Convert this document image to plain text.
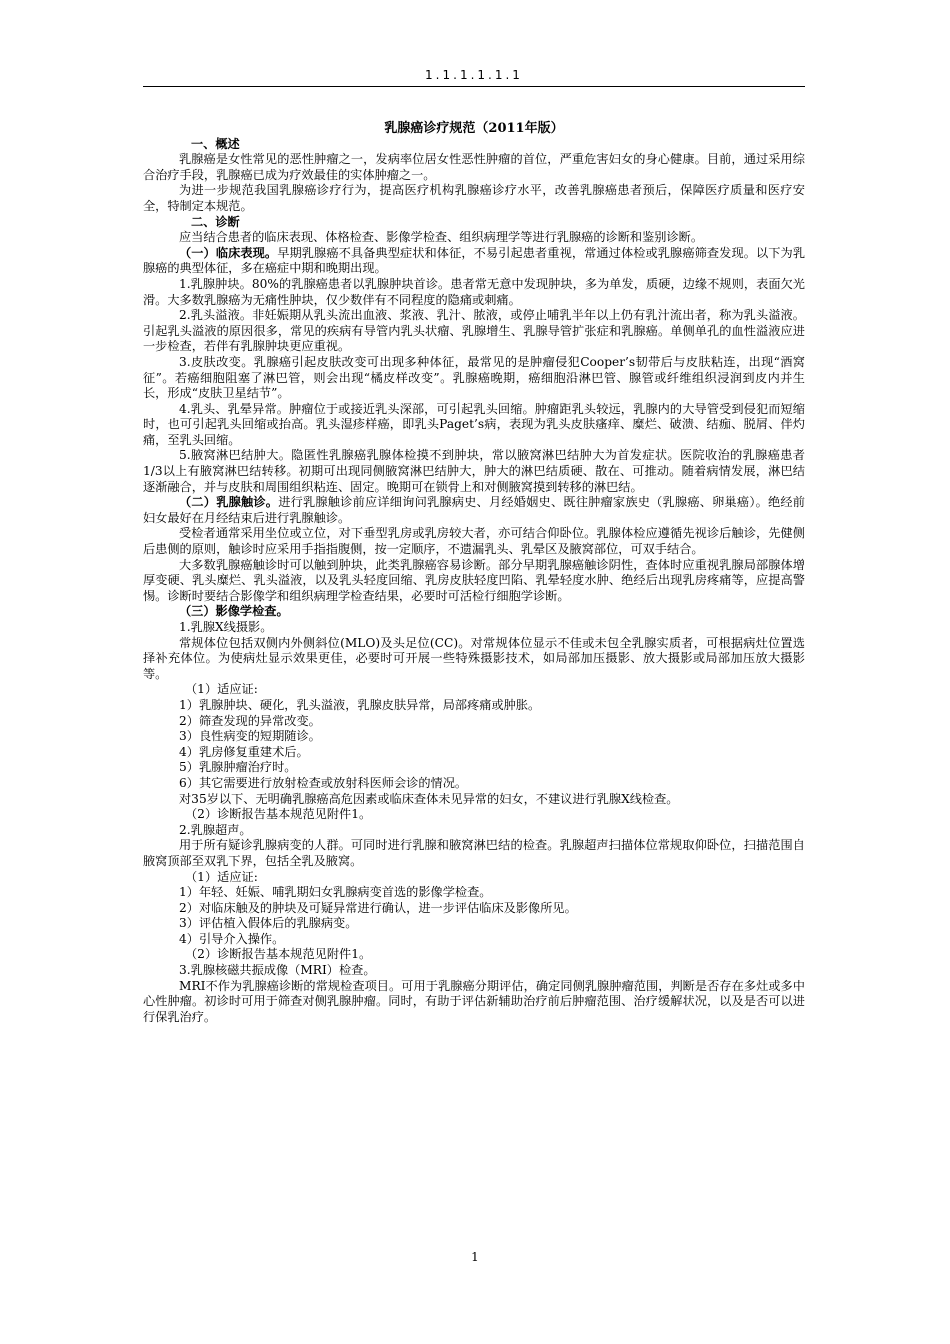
1.1.1.1.1.1
乳腺癌诊疗规范（2011年版）
一、概述

乳腺癌是女性常见的恶性肿瘤之一，发病率位居女性恶性肿瘤的首位，严重危害妇女的身心健康。目前，通过采用综合治疗手段，乳腺癌已成为疗效最佳的实体肿瘤之一。

为进一步规范我国乳腺癌诊疗行为，提高医疗机构乳腺癌诊疗水平，改善乳腺癌患者预后，保障医疗质量和医疗安全，特制定本规范。

二、诊断

应当结合患者的临床表现、体格检查、影像学检查、组织病理学等进行乳腺癌的诊断和鉴别诊断。

（一）临床表现。早期乳腺癌不具备典型症状和体征，不易引起患者重视，常通过体检或乳腺癌筛查发现。以下为乳腺癌的典型体征，多在癌症中期和晚期出现。

1.乳腺肿块。80%的乳腺癌患者以乳腺肿块首诊。患者常无意中发现肿块，多为单发，质硬，边缘不规则，表面欠光滑。大多数乳腺癌为无痛性肿块，仅少数伴有不同程度的隐痛或刺痛。

2.乳头溢液。非妊娠期从乳头流出血液、浆液、乳汁、脓液，或停止哺乳半年以上仍有乳汁流出者，称为乳头溢液。引起乳头溢液的原因很多，常见的疾病有导管内乳头状瘤、乳腺增生、乳腺导管扩张症和乳腺癌。单侧单孔的血性溢液应进一步检查，若伴有乳腺肿块更应重视。

3.皮肤改变。乳腺癌引起皮肤改变可出现多种体征，最常见的是肿瘤侵犯Cooper’s韧带后与皮肤粘连，出现“酒窝征”。若癌细胞阻塞了淋巴管，则会出现“橘皮样改变”。乳腺癌晚期，癌细胞沿淋巴管、腺管或纤维组织浸润到皮内并生长，形成“皮肤卫星结节”。

4.乳头、乳晕异常。肿瘤位于或接近乳头深部，可引起乳头回缩。肿瘤距乳头较远，乳腺内的大导管受到侵犯而短缩时，也可引起乳头回缩或抬高。乳头湿疹样癌，即乳头Paget’s病，表现为乳头皮肤瘙痒、糜烂、破溃、结痂、脱屑、伴灼痛，至乳头回缩。

5.腋窝淋巴结肿大。隐匿性乳腺癌乳腺体检摸不到肿块，常以腋窝淋巴结肿大为首发症状。医院收治的乳腺癌患者1/3以上有腋窝淋巴结转移。初期可出现同侧腋窝淋巴结肿大，肿大的淋巴结质硬、散在、可推动。随着病情发展，淋巴结逐渐融合，并与皮肤和周围组织粘连、固定。晚期可在锁骨上和对侧腋窝摸到转移的淋巴结。

（二）乳腺触诊。进行乳腺触诊前应详细询问乳腺病史、月经婚姻史、既往肿瘤家族史（乳腺癌、卵巢癌）。绝经前妇女最好在月经结束后进行乳腺触诊。

受检者通常采用坐位或立位，对下垂型乳房或乳房较大者，亦可结合仰卧位。乳腺体检应遵循先视诊后触诊，先健侧后患侧的原则，触诊时应采用手指指腹侧，按一定顺序，不遗漏乳头、乳晕区及腋窝部位，可双手结合。

大多数乳腺癌触诊时可以触到肿块，此类乳腺癌容易诊断。部分早期乳腺癌触诊阴性，查体时应重视乳腺局部腺体增厚变硬、乳头糜烂、乳头溢液，以及乳头轻度回缩、乳房皮肤轻度凹陷、乳晕轻度水肿、绝经后出现乳房疼痛等，应提高警惕。诊断时要结合影像学和组织病理学检查结果，必要时可活检行细胞学诊断。

（三）影像学检查。

1.乳腺X线摄影。

常规体位包括双侧内外侧斜位(MLO)及头足位(CC)。对常规体位显示不佳或未包全乳腺实质者，可根据病灶位置选择补充体位。为使病灶显示效果更佳，必要时可开展一些特殊摄影技术，如局部加压摄影、放大摄影或局部加压放大摄影等。

（1）适应证:

1）乳腺肿块、硬化，乳头溢液，乳腺皮肤异常，局部疼痛或肿胀。

2）筛查发现的异常改变。

3）良性病变的短期随诊。

4）乳房修复重建术后。

5）乳腺肿瘤治疗时。

6）其它需要进行放射检查或放射科医师会诊的情况。

对35岁以下、无明确乳腺癌高危因素或临床查体未见异常的妇女，不建议进行乳腺X线检查。

（2）诊断报告基本规范见附件1。

2.乳腺超声。

用于所有疑诊乳腺病变的人群。可同时进行乳腺和腋窝淋巴结的检查。乳腺超声扫描体位常规取仰卧位，扫描范围自腋窝顶部至双乳下界，包括全乳及腋窝。

（1）适应证:

1）年轻、妊娠、哺乳期妇女乳腺病变首选的影像学检查。

2）对临床触及的肿块及可疑异常进行确认，进一步评估临床及影像所见。

3）评估植入假体后的乳腺病变。

4）引导介入操作。

（2）诊断报告基本规范见附件1。

3.乳腺核磁共振成像（MRI）检查。

MRI不作为乳腺癌诊断的常规检查项目。可用于乳腺癌分期评估，确定同侧乳腺肿瘤范围，判断是否存在多灶或多中心性肿瘤。初诊时可用于筛查对侧乳腺肿瘤。同时，有助于评估新辅助治疗前后肿瘤范围、治疗缓解状况，以及是否可以进行保乳治疗。

1
